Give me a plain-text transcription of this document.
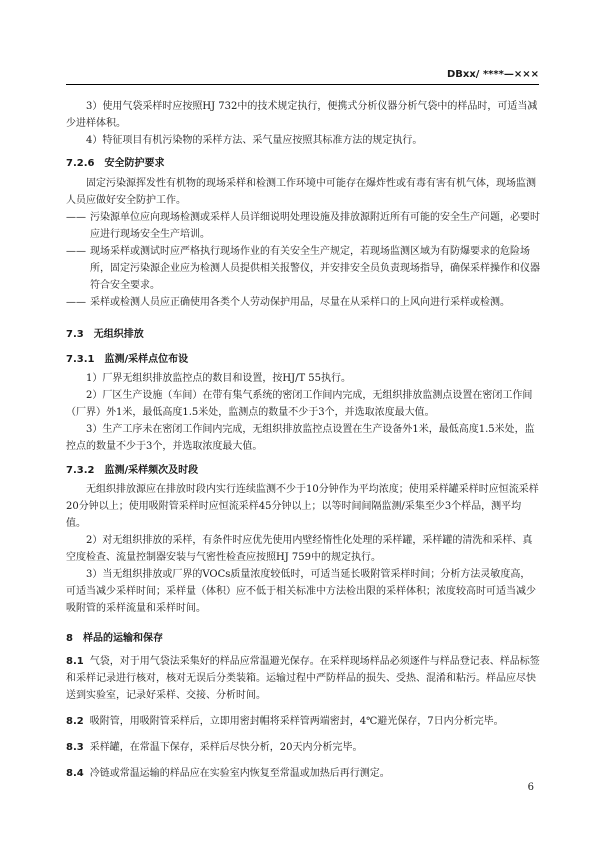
DBxx/ ****—×××

3）使用气袋采样时应按照HJ 732中的技术规定执行，便携式分析仪器分析气袋中的样品时，可适当减少进样体积。

4）特征项目有机污染物的采样方法、采气量应按照其标准方法的规定执行。

7.2.6　安全防护要求

固定污染源挥发性有机物的现场采样和检测工作环境中可能存在爆炸性或有毒有害有机气体，现场监测人员应做好安全防护工作。

—— 污染源单位应向现场检测或采样人员详细说明处理设施及排放源附近所有可能的安全生产问题，必要时应进行现场安全生产培训。
—— 现场采样或测试时应严格执行现场作业的有关安全生产规定，若现场监测区域为有防爆要求的危险场所，固定污染源企业应为检测人员提供相关报警仪，并安排安全员负责现场指导，确保采样操作和仪器符合安全要求。
—— 采样或检测人员应正确使用各类个人劳动保护用品，尽量在从采样口的上风向进行采样或检测。
7.3　无组织排放
7.3.1　监测/采样点位布设

1）厂界无组织排放监控点的数目和设置，按HJ/T 55执行。

2）厂区生产设施（车间）在带有集气系统的密闭工作间内完成，无组织排放监测点设置在密闭工作间（厂界）外1米，最低高度1.5米处，监测点的数量不少于3个，并选取浓度最大值。

3）生产工序未在密闭工作间内完成，无组织排放监控点设置在生产设备外1米，最低高度1.5米处，监控点的数量不少于3个，并选取浓度最大值。

7.3.2　监测/采样频次及时段

无组织排放源应在排放时段内实行连续监测不少于10分钟作为平均浓度；使用采样罐采样时应恒流采样20分钟以上；使用吸附管采样时应恒流采样45分钟以上；以等时间间隔监测/采集至少3个样品，测平均值。

2）对无组织排放的采样，有条件时应优先使用内壁经惰性化处理的采样罐，采样罐的清洗和采样、真空度检查、流量控制器安装与气密性检查应按照HJ 759中的规定执行。

3）当无组织排放或厂界的VOCs质量浓度较低时，可适当延长吸附管采样时间；分析方法灵敏度高，可适当减少采样时间；采样量（体积）应不低于相关标准中方法检出限的采样体积；浓度较高时可适当减少吸附管的采样流量和采样时间。

8　样品的运输和保存

8.1 气袋，对于用气袋法采集好的样品应常温避光保存。在采样现场样品必须逐件与样品登记表、样品标签和采样记录进行核对，核对无误后分类装箱。运输过程中严防样品的损失、受热、混淆和粘污。样品应尽快送到实验室，记录好采样、交接、分析时间。

8.2 吸附管，用吸附管采样后，立即用密封帽将采样管两端密封，4℃避光保存，7日内分析完毕。

8.3 采样罐，在常温下保存，采样后尽快分析，20天内分析完毕。

8.4 冷链或常温运输的样品应在实验室内恢复至常温或加热后再行测定。

6
